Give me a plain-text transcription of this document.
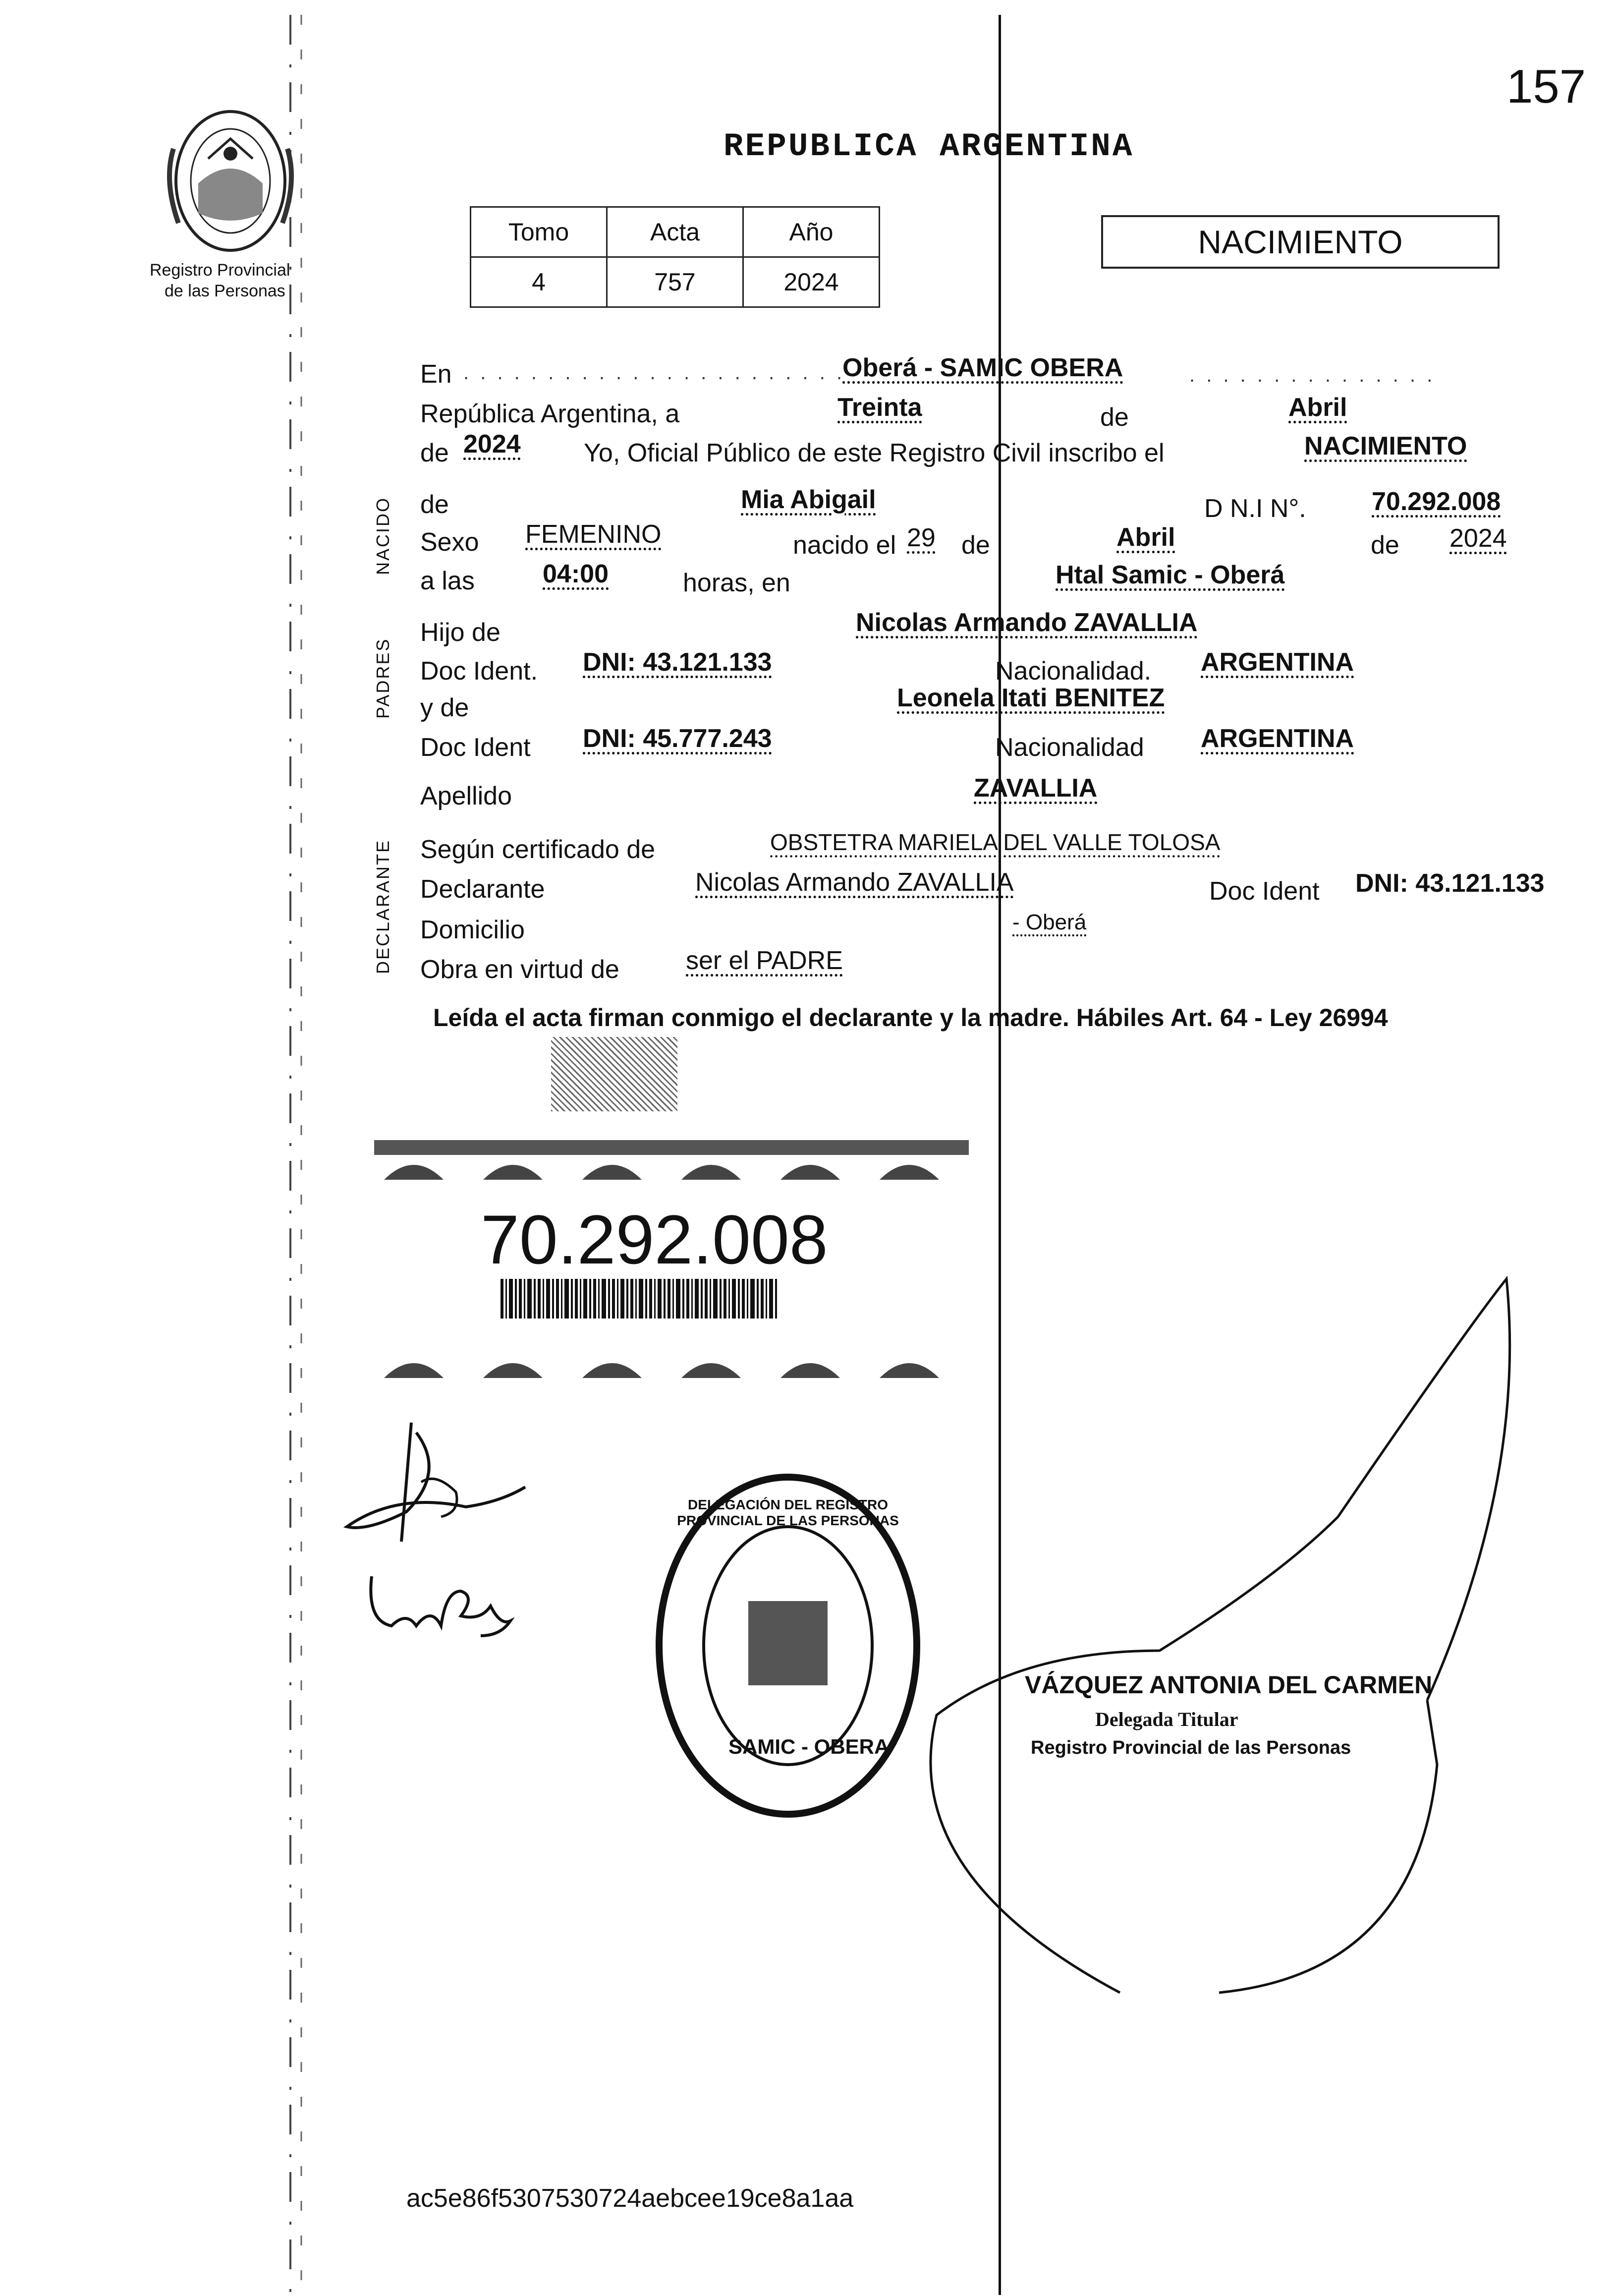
157
Registro Provincial
de las Personas
REPUBLICA ARGENTINA
Tomo	Acta	Año
4	757	2024
NACIMIENTO
NACIDO
PADRES
DECLARANTE
En . . . . . . . . . . . . . . . . . . . . . . .
Oberá - SAMIC OBERA	. . . . . . . . . . . . . . .
República Argentina, a	Treinta	de	Abril
de 2024 Yo, Oficial Público de este Registro Civil inscribo el	NACIMIENTO
de	Mia Abigail	D N.I N°.	70.292.008
Sexo FEMENINO	nacido el 29 de	Abril	de 2024
a las	04:00	horas, en	Htal Samic - Oberá
Hijo de	Nicolas Armando ZAVALLIA
Doc Ident. DNI: 43.121.133	Nacionalidad. ARGENTINA
y de	Leonela Itati BENITEZ
Doc Ident DNI: 45.777.243	Nacionalidad ARGENTINA
Apellido	ZAVALLIA
Según certificado de	OBSTETRA MARIELA DEL VALLE TOLOSA
Declarante	Nicolas Armando ZAVALLIA	Doc Ident DNI: 43.121.133
Domicilio	- Oberá
Obra en virtud de	ser el PADRE
Leída el acta firman conmigo el declarante y la madre. Hábiles Art. 64 - Ley 26994
70.292.008
DELEGACIÓN DEL REGISTRO PROVINCIAL DE LAS PERSONAS
SAMIC - OBERA
VÁZQUEZ ANTONIA DEL CARMEN
Delegada Titular
Registro Provincial de las Personas
ac5e86f5307530724aebcee19ce8a1aa
